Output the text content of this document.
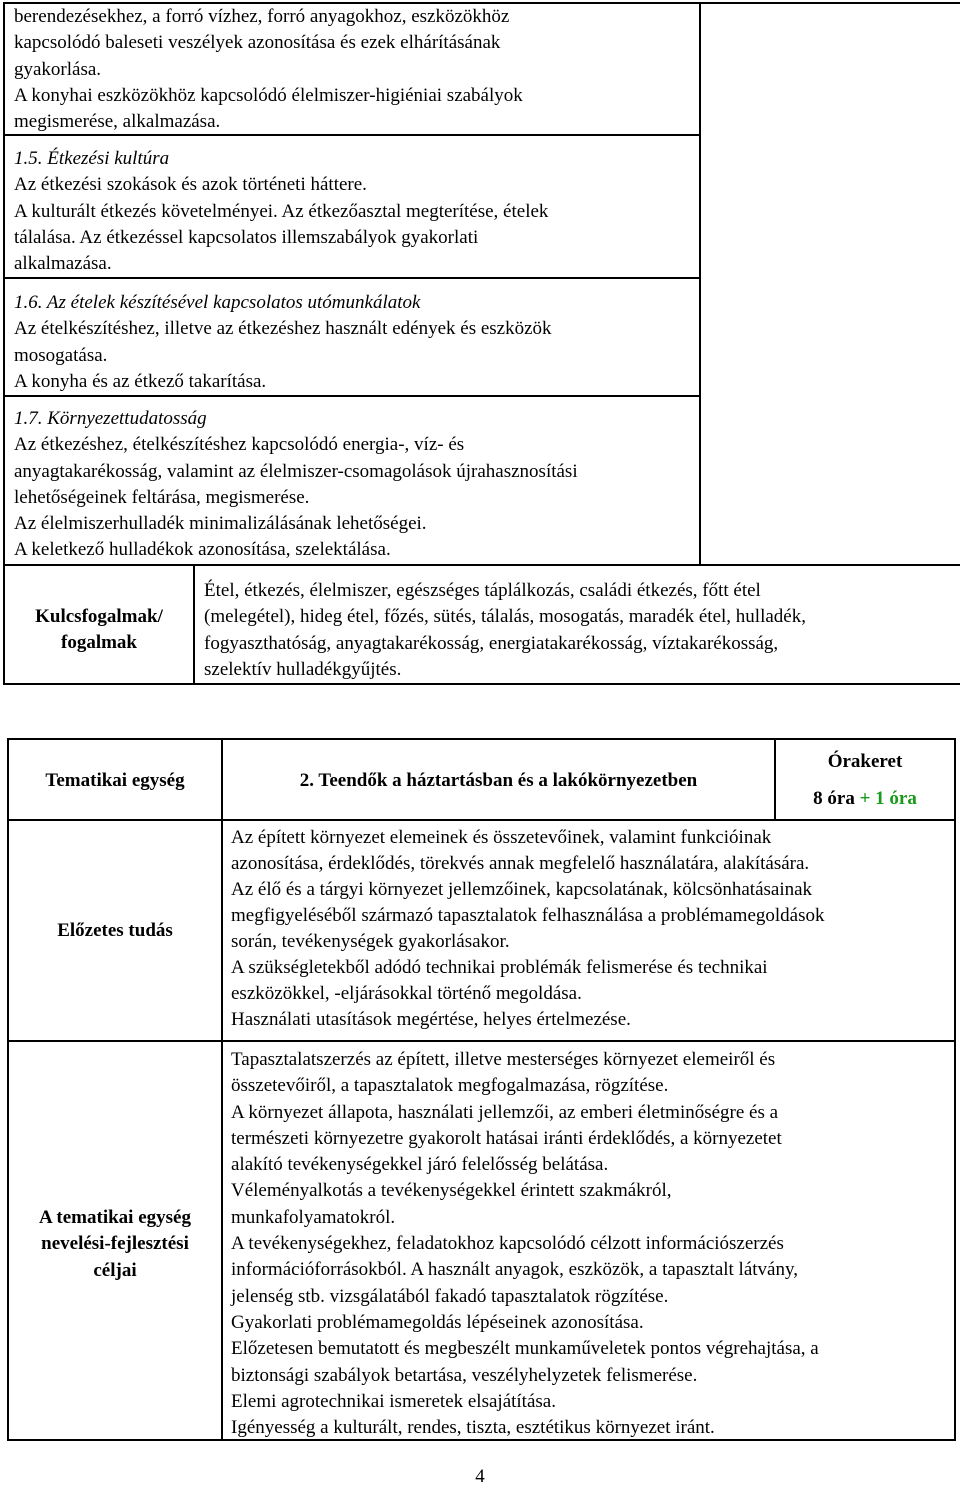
berendezésekhez, a forró vízhez, forró anyagokhoz, eszközökhöz

kapcsolódó baleseti veszélyek azonosítása és ezek elhárításának

gyakorlása.

A konyhai eszközökhöz kapcsolódó élelmiszer-higiéniai szabályok

megismerése, alkalmazása.

1.5. Étkezési kultúra

Az étkezési szokások és azok történeti háttere.

A kulturált étkezés követelményei. Az étkezőasztal megterítése, ételek

tálalása. Az étkezéssel kapcsolatos illemszabályok gyakorlati

alkalmazása.

1.6. Az ételek készítésével kapcsolatos utómunkálatok

Az ételkészítéshez, illetve az étkezéshez használt edények és eszközök

mosogatása.

A konyha és az étkező takarítása.

1.7. Környezettudatosság

Az étkezéshez, ételkészítéshez kapcsolódó energia-, víz- és

anyagtakarékosság, valamint az élelmiszer-csomagolások újrahasznosítási

lehetőségeinek feltárása, megismerése.

Az élelmiszerhulladék minimalizálásának lehetőségei.

A keletkező hulladékok azonosítása, szelektálása.

Kulcsfogalmak/

fogalmak

Étel, étkezés, élelmiszer, egészséges táplálkozás, családi étkezés, főtt étel

(melegétel), hideg étel, főzés, sütés, tálalás, mosogatás, maradék étel, hulladék,

fogyaszthatóság, anyagtakarékosság, energiatakarékosság, víztakarékosság,

szelektív hulladékgyűjtés.

Tematikai egység	2. Teendők a háztartásban és a lakókörnyezetben
Órakeret
8 óra + 1 óra
Előzetes tudás

Az épített környezet elemeinek és összetevőinek, valamint funkcióinak

azonosítása, érdeklődés, törekvés annak megfelelő használatára, alakítására.

Az élő és a tárgyi környezet jellemzőinek, kapcsolatának, kölcsönhatásainak

megfigyeléséből származó tapasztalatok felhasználása a problémamegoldások

során, tevékenységek gyakorlásakor.

A szükségletekből adódó technikai problémák felismerése és technikai

eszközökkel, -eljárásokkal történő megoldása.

Használati utasítások megértése, helyes értelmezése.

A tematikai egység

nevelési-fejlesztési

céljai

Tapasztalatszerzés az épített, illetve mesterséges környezet elemeiről és

összetevőiről, a tapasztalatok megfogalmazása, rögzítése.

A környezet állapota, használati jellemzői, az emberi életminőségre és a

természeti környezetre gyakorolt hatásai iránti érdeklődés, a környezetet

alakító tevékenységekkel járó felelősség belátása.

Véleményalkotás a tevékenységekkel érintett szakmákról,

munkafolyamatokról.

A tevékenységekhez, feladatokhoz kapcsolódó célzott információszerzés

információforrásokból. A használt anyagok, eszközök, a tapasztalt látvány,

jelenség stb. vizsgálatából fakadó tapasztalatok rögzítése.

Gyakorlati problémamegoldás lépéseinek azonosítása.

Előzetesen bemutatott és megbeszélt munkaműveletek pontos végrehajtása, a

biztonsági szabályok betartása, veszélyhelyzetek felismerése.

Elemi agrotechnikai ismeretek elsajátítása.

Igényesség a kulturált, rendes, tiszta, esztétikus környezet iránt.

4
